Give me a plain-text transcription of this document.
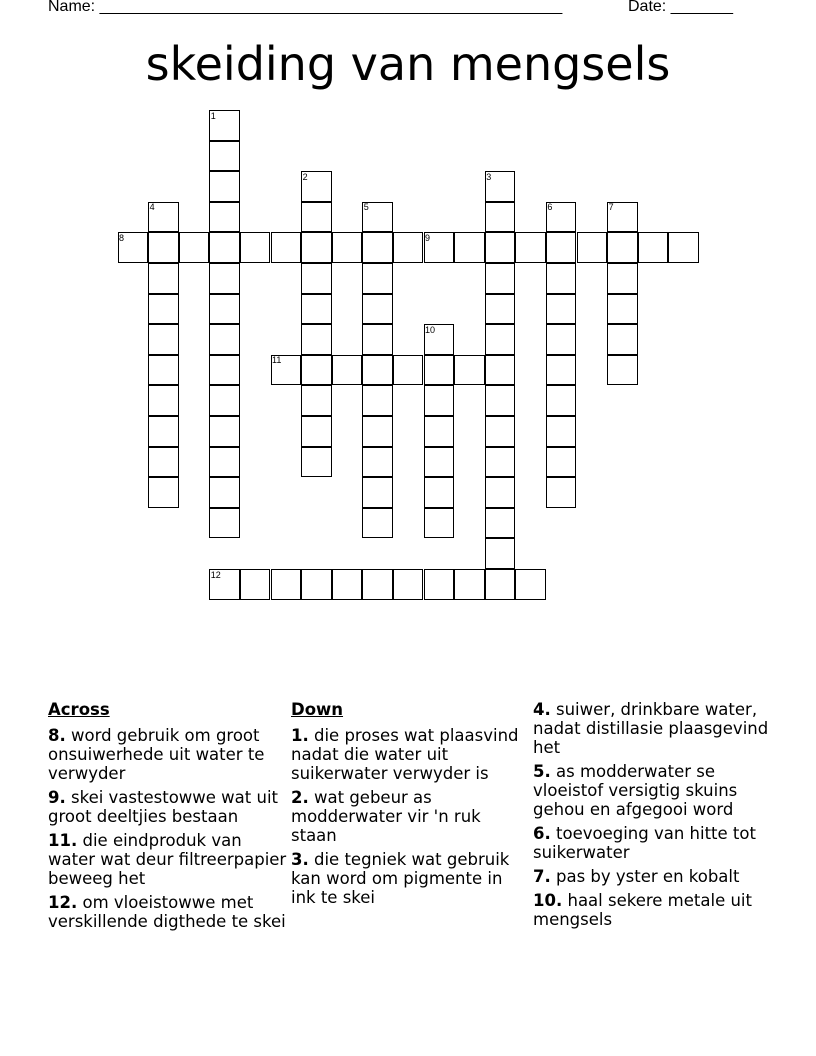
Name: ____________________________________________________	Date: _______
skeiding van mengsels
1
2	3
4	5	6	7
8	9
10
11
12
Across
8. word gebruik om groot onsuiwerhede uit water te verwyder
9. skei vastestowwe wat uit groot deeltjies bestaan
11. die eindproduk van water wat deur filtreerpapier beweeg het
12. om vloeistowwe met verskillende digthede te skei
Down
1. die proses wat plaasvind nadat die water uit suikerwater verwyder is
2. wat gebeur as modderwater vir 'n ruk staan
3. die tegniek wat gebruik kan word om pigmente in ink te skei
4. suiwer, drinkbare water, nadat distillasie plaasgevind het
5. as modderwater se vloeistof versigtig skuins gehou en afgegooi word
6. toevoeging van hitte tot suikerwater
7. pas by yster en kobalt
10. haal sekere metale uit mengsels
